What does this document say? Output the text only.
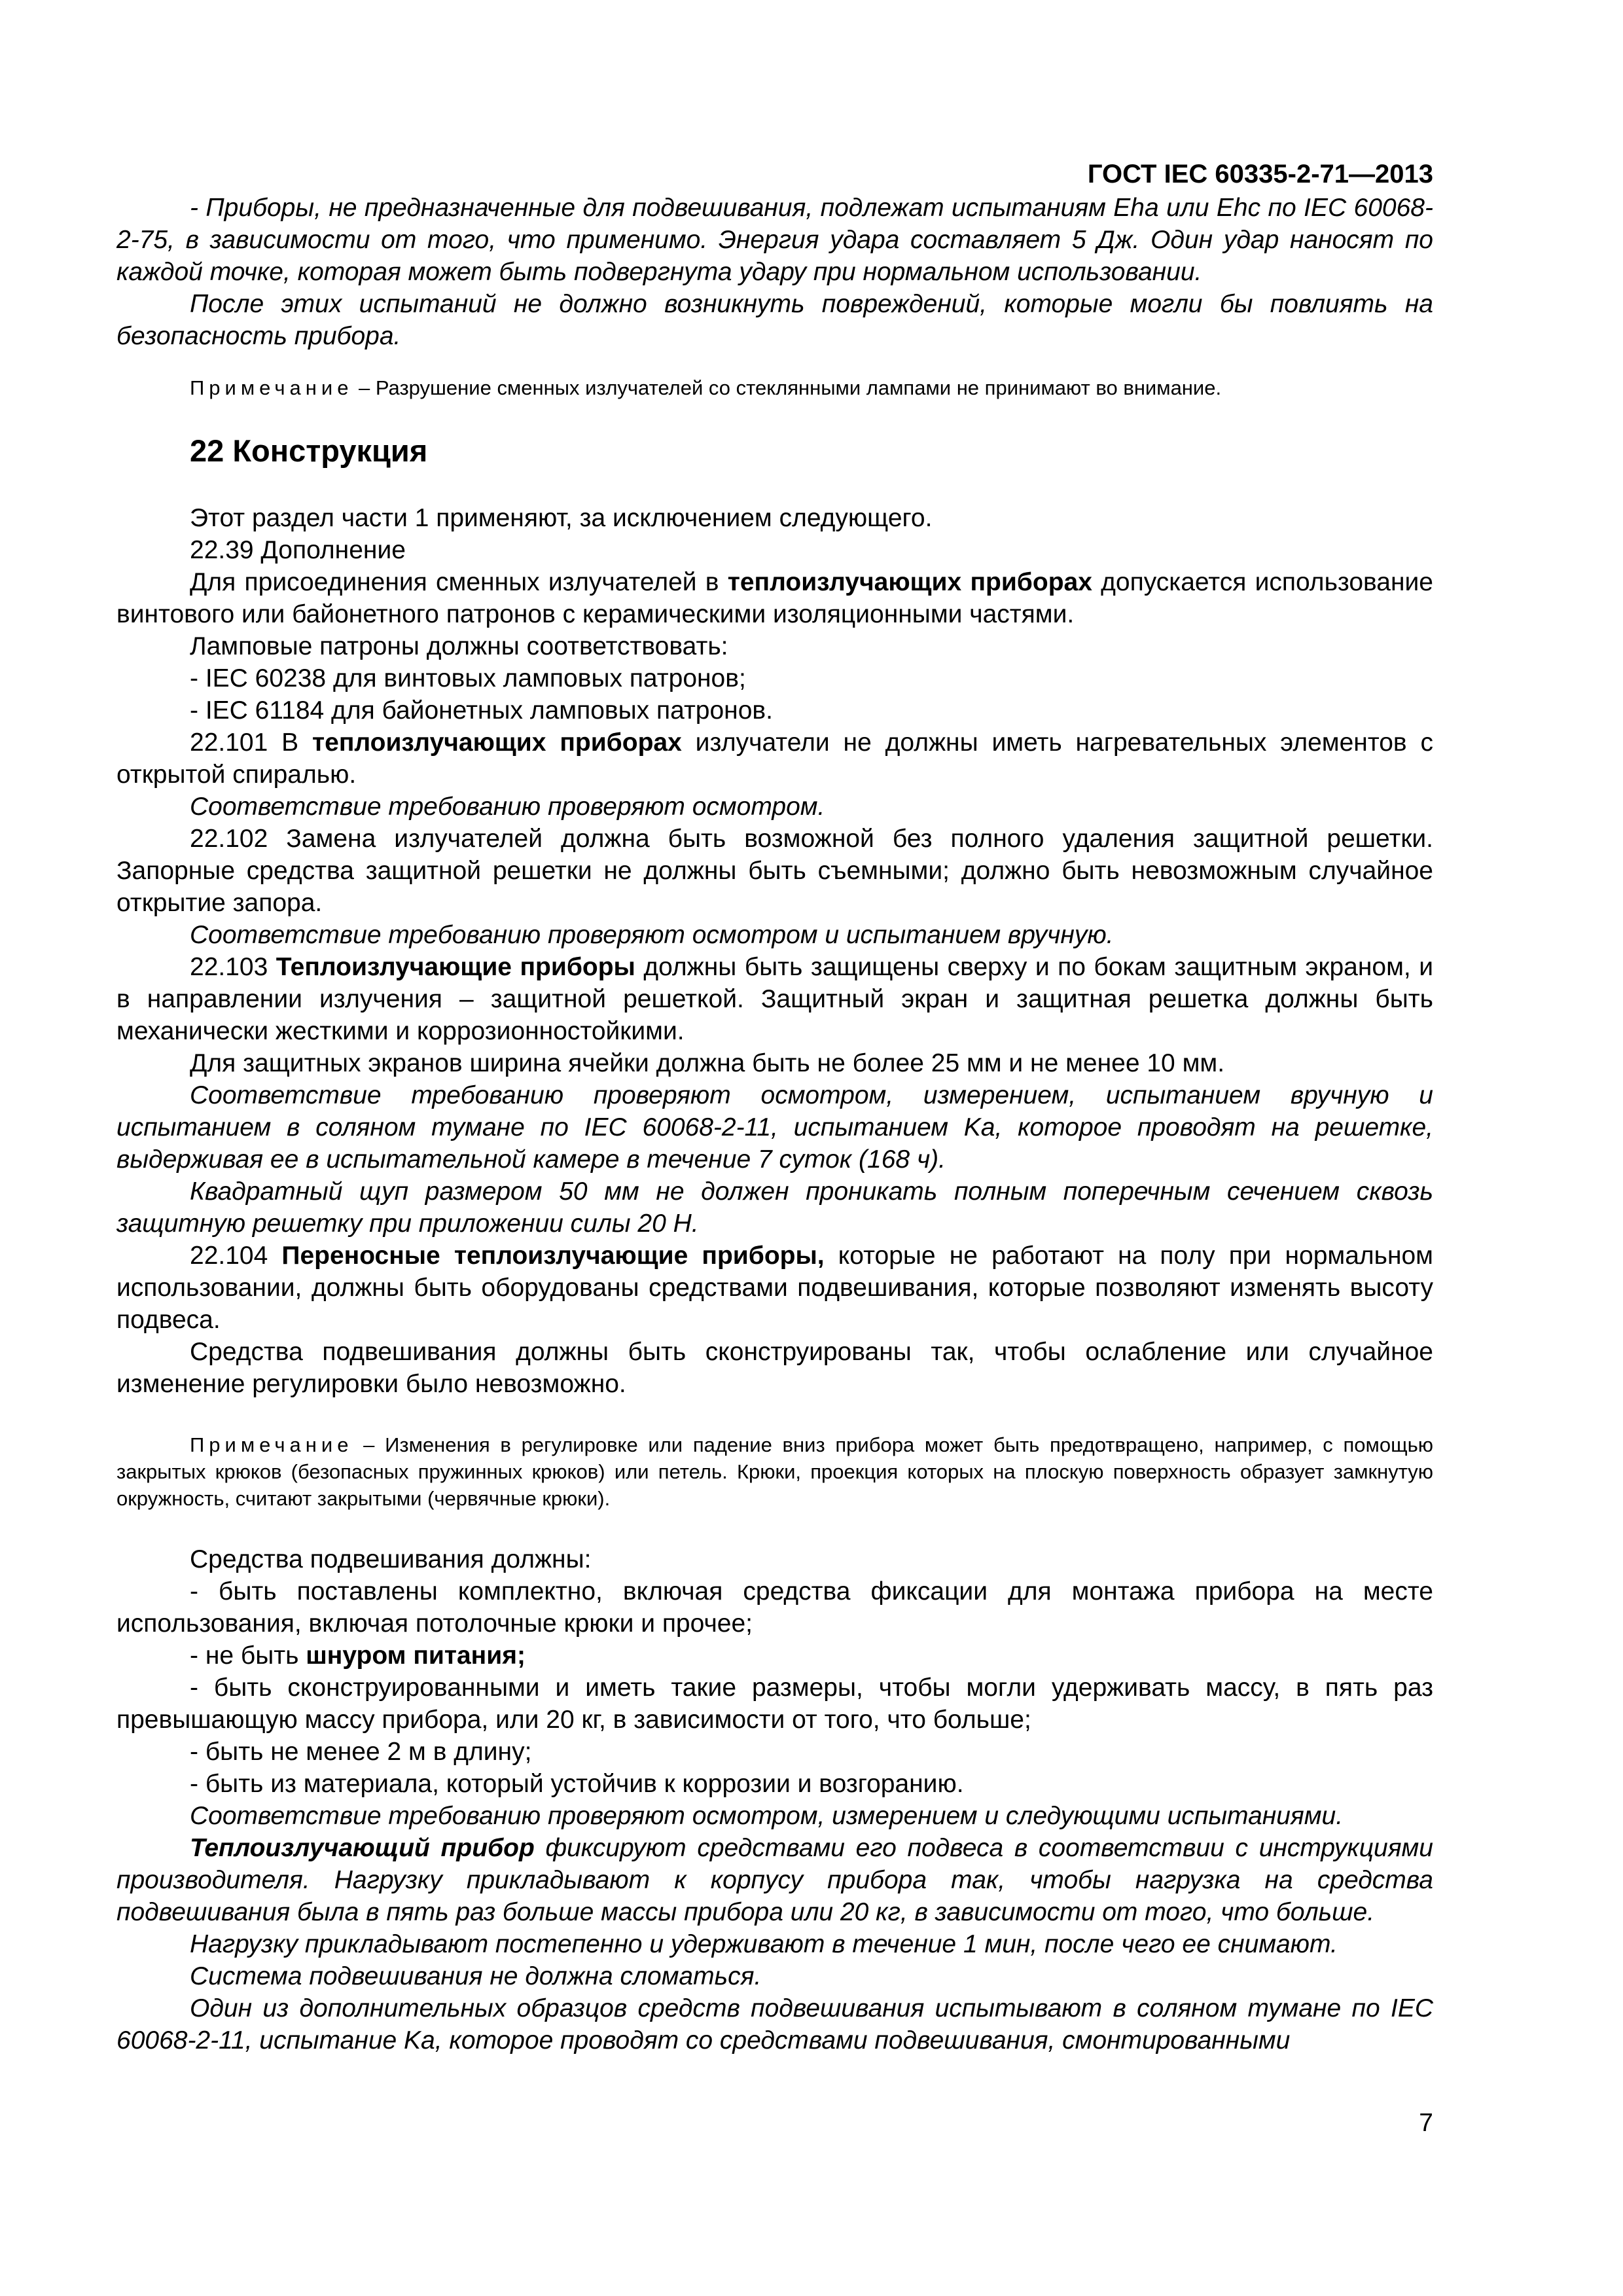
ГОСТ IEC 60335-2-71—2013

- Приборы, не предназначенные для подвешивания, подлежат испытаниям Eha или Ehc по IEC 60068-2-75, в зависимости от того, что применимо. Энергия удара составляет 5 Дж. Один удар наносят по каждой точке, которая может быть подвергнута удару при нормальном использовании.

После этих испытаний не должно возникнуть повреждений, которые могли бы повлиять на безопасность прибора.

Примечание – Разрушение сменных излучателей со стеклянными лампами не принимают во внимание.

22 Конструкция

Этот раздел части 1 применяют, за исключением следующего.

22.39 Дополнение

Для присоединения сменных излучателей в теплоизлучающих приборах допускается использование винтового или байонетного патронов с керамическими изоляционными частями.

Ламповые патроны должны соответствовать:

- IEC 60238 для винтовых ламповых патронов;

- IEC 61184 для байонетных ламповых патронов.

22.101 В теплоизлучающих приборах излучатели не должны иметь нагревательных элементов с открытой спиралью.

Соответствие требованию проверяют осмотром.

22.102 Замена излучателей должна быть возможной без полного удаления защитной решетки. Запорные средства защитной решетки не должны быть съемными; должно быть невозможным случайное открытие запора.

Соответствие требованию проверяют осмотром и испытанием вручную.

22.103 Теплоизлучающие приборы должны быть защищены сверху и по бокам защитным экраном, и в направлении излучения – защитной решеткой. Защитный экран и защитная решетка должны быть механически жесткими и коррозионностойкими.

Для защитных экранов ширина ячейки должна быть не более 25 мм и не менее 10 мм.

Соответствие требованию проверяют осмотром, измерением, испытанием вручную и испытанием в соляном тумане по IEC 60068-2-11, испытанием Ka, которое проводят на решетке, выдерживая ее в испытательной камере в течение 7 суток (168 ч).

Квадратный щуп размером 50 мм не должен проникать полным поперечным сечением сквозь защитную решетку при приложении силы 20 Н.

22.104 Переносные теплоизлучающие приборы, которые не работают на полу при нормальном использовании, должны быть оборудованы средствами подвешивания, которые позволяют изменять высоту подвеса.

Средства подвешивания должны быть сконструированы так, чтобы ослабление или случайное изменение регулировки было невозможно.

Примечание – Изменения в регулировке или падение вниз прибора может быть предотвращено, например, с помощью закрытых крюков (безопасных пружинных крюков) или петель. Крюки, проекция которых на плоскую поверхность образует замкнутую окружность, считают закрытыми (червячные крюки).

Средства подвешивания должны:

- быть поставлены комплектно, включая средства фиксации для монтажа прибора на месте использования, включая потолочные крюки и прочее;

- не быть шнуром питания;

- быть сконструированными и иметь такие размеры, чтобы могли удерживать массу, в пять раз превышающую массу прибора, или 20 кг, в зависимости от того, что больше;

- быть не менее 2 м в длину;

- быть из материала, который устойчив к коррозии и возгоранию.

Соответствие требованию проверяют осмотром, измерением и следующими испытаниями.

Теплоизлучающий прибор фиксируют средствами его подвеса в соответствии с инструкциями производителя. Нагрузку прикладывают к корпусу прибора так, чтобы нагрузка на средства подвешивания была в пять раз больше массы прибора или 20 кг, в зависимости от того, что больше.

Нагрузку прикладывают постепенно и удерживают в течение 1 мин, после чего ее снимают.

Система подвешивания не должна сломаться.

Один из дополнительных образцов средств подвешивания испытывают в соляном тумане по IEC 60068-2-11, испытание Ka, которое проводят со средствами подвешивания, смонтированными

7
